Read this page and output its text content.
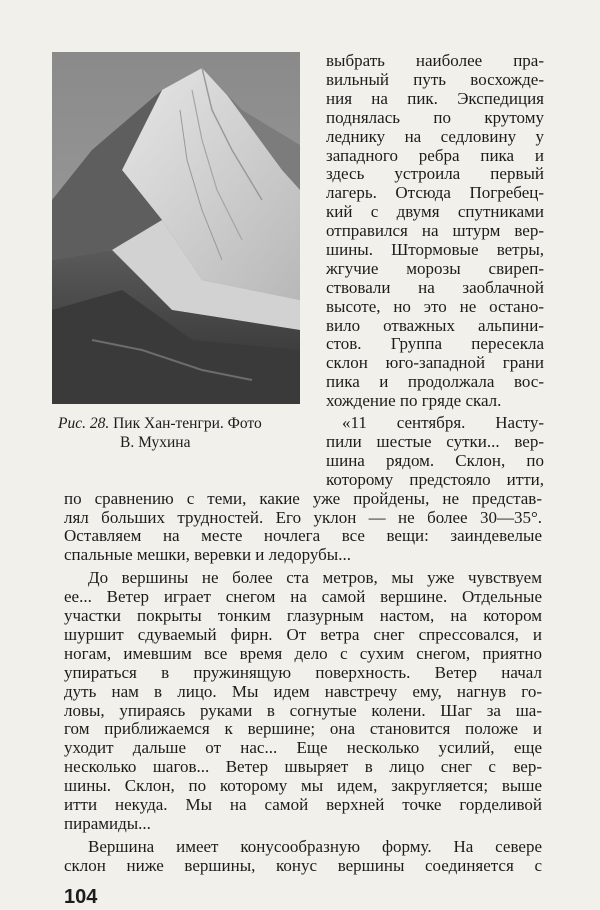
Рис. 28. Пик Хан-тенгри. Фото
В. Мухина
выбрать наиболее пра-
вильный путь восхожде-
ния на пик. Экспедиция
поднялась по крутому
леднику на седловину у
западного ребра пика и
здесь устроила первый
лагерь. Отсюда Погребец-
кий с двумя спутниками
отправился на штурм вер-
шины. Штормовые ветры,
жгучие морозы свиреп-
ствовали на заоблачной
высоте, но это не остано-
вило отважных альпини-
стов. Группа пересекла
склон юго-западной грани
пика и продолжала вос-
хождение по гряде скал.
«11 сентября. Насту-
пили шестые сутки... вер-
шина рядом. Склон, по
которому предстояло итти,
по сравнению с теми, какие уже пройдены, не представ-
лял больших трудностей. Его уклон — не более 30—35°.
Оставляем на месте ночлега все вещи: заиндевелые
спальные мешки, веревки и ледорубы...
До вершины не более ста метров, мы уже чувствуем
ее... Ветер играет снегом на самой вершине. Отдельные
участки покрыты тонким глазурным настом, на котором
шуршит сдуваемый фирн. От ветра снег спрессовался, и
ногам, имевшим все время дело с сухим снегом, приятно
упираться в пружинящую поверхность. Ветер начал
дуть нам в лицо. Мы идем навстречу ему, нагнув го-
ловы, упираясь руками в согнутые колени. Шаг за ша-
гом приближаемся к вершине; она становится положе и
уходит дальше от нас... Еще несколько усилий, еще
несколько шагов... Ветер швыряет в лицо снег с вер-
шины. Склон, по которому мы идем, закругляется; выше
итти некуда. Мы на самой верхней точке горделивой
пирамиды...
104
Вершина имеет конусообразную форму. На севере
склон ниже вершины, конус вершины соединяется с
